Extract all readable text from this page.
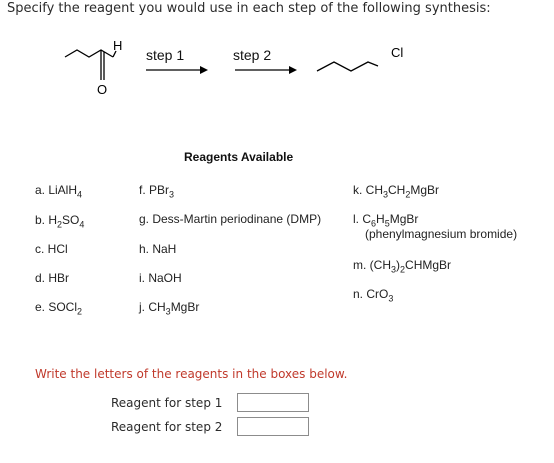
Specify the reagent you would use in each step of the following synthesis:
H
O
Cl
step 1	step 2
Reagents Available
a. LiAlH$_4$
b. $H_2SO_4$
c. HCl
d. HBr
e. SOCl$_2$
f. PBr$_3$
g. Dess-Martin periodinane (DMP)
h. NaH
i. NaOH
j. $CH_3MgBr$
k. $CH_3CH_2MgBr$
l. $C_6H_5MgBr$
(phenylmagnesium bromide)
m. $(CH_3)_2CHMgBr$
n. CrO$_3$
Write the letters of the reagents in the boxes below.
Reagent for step 1
Reagent for step 2
